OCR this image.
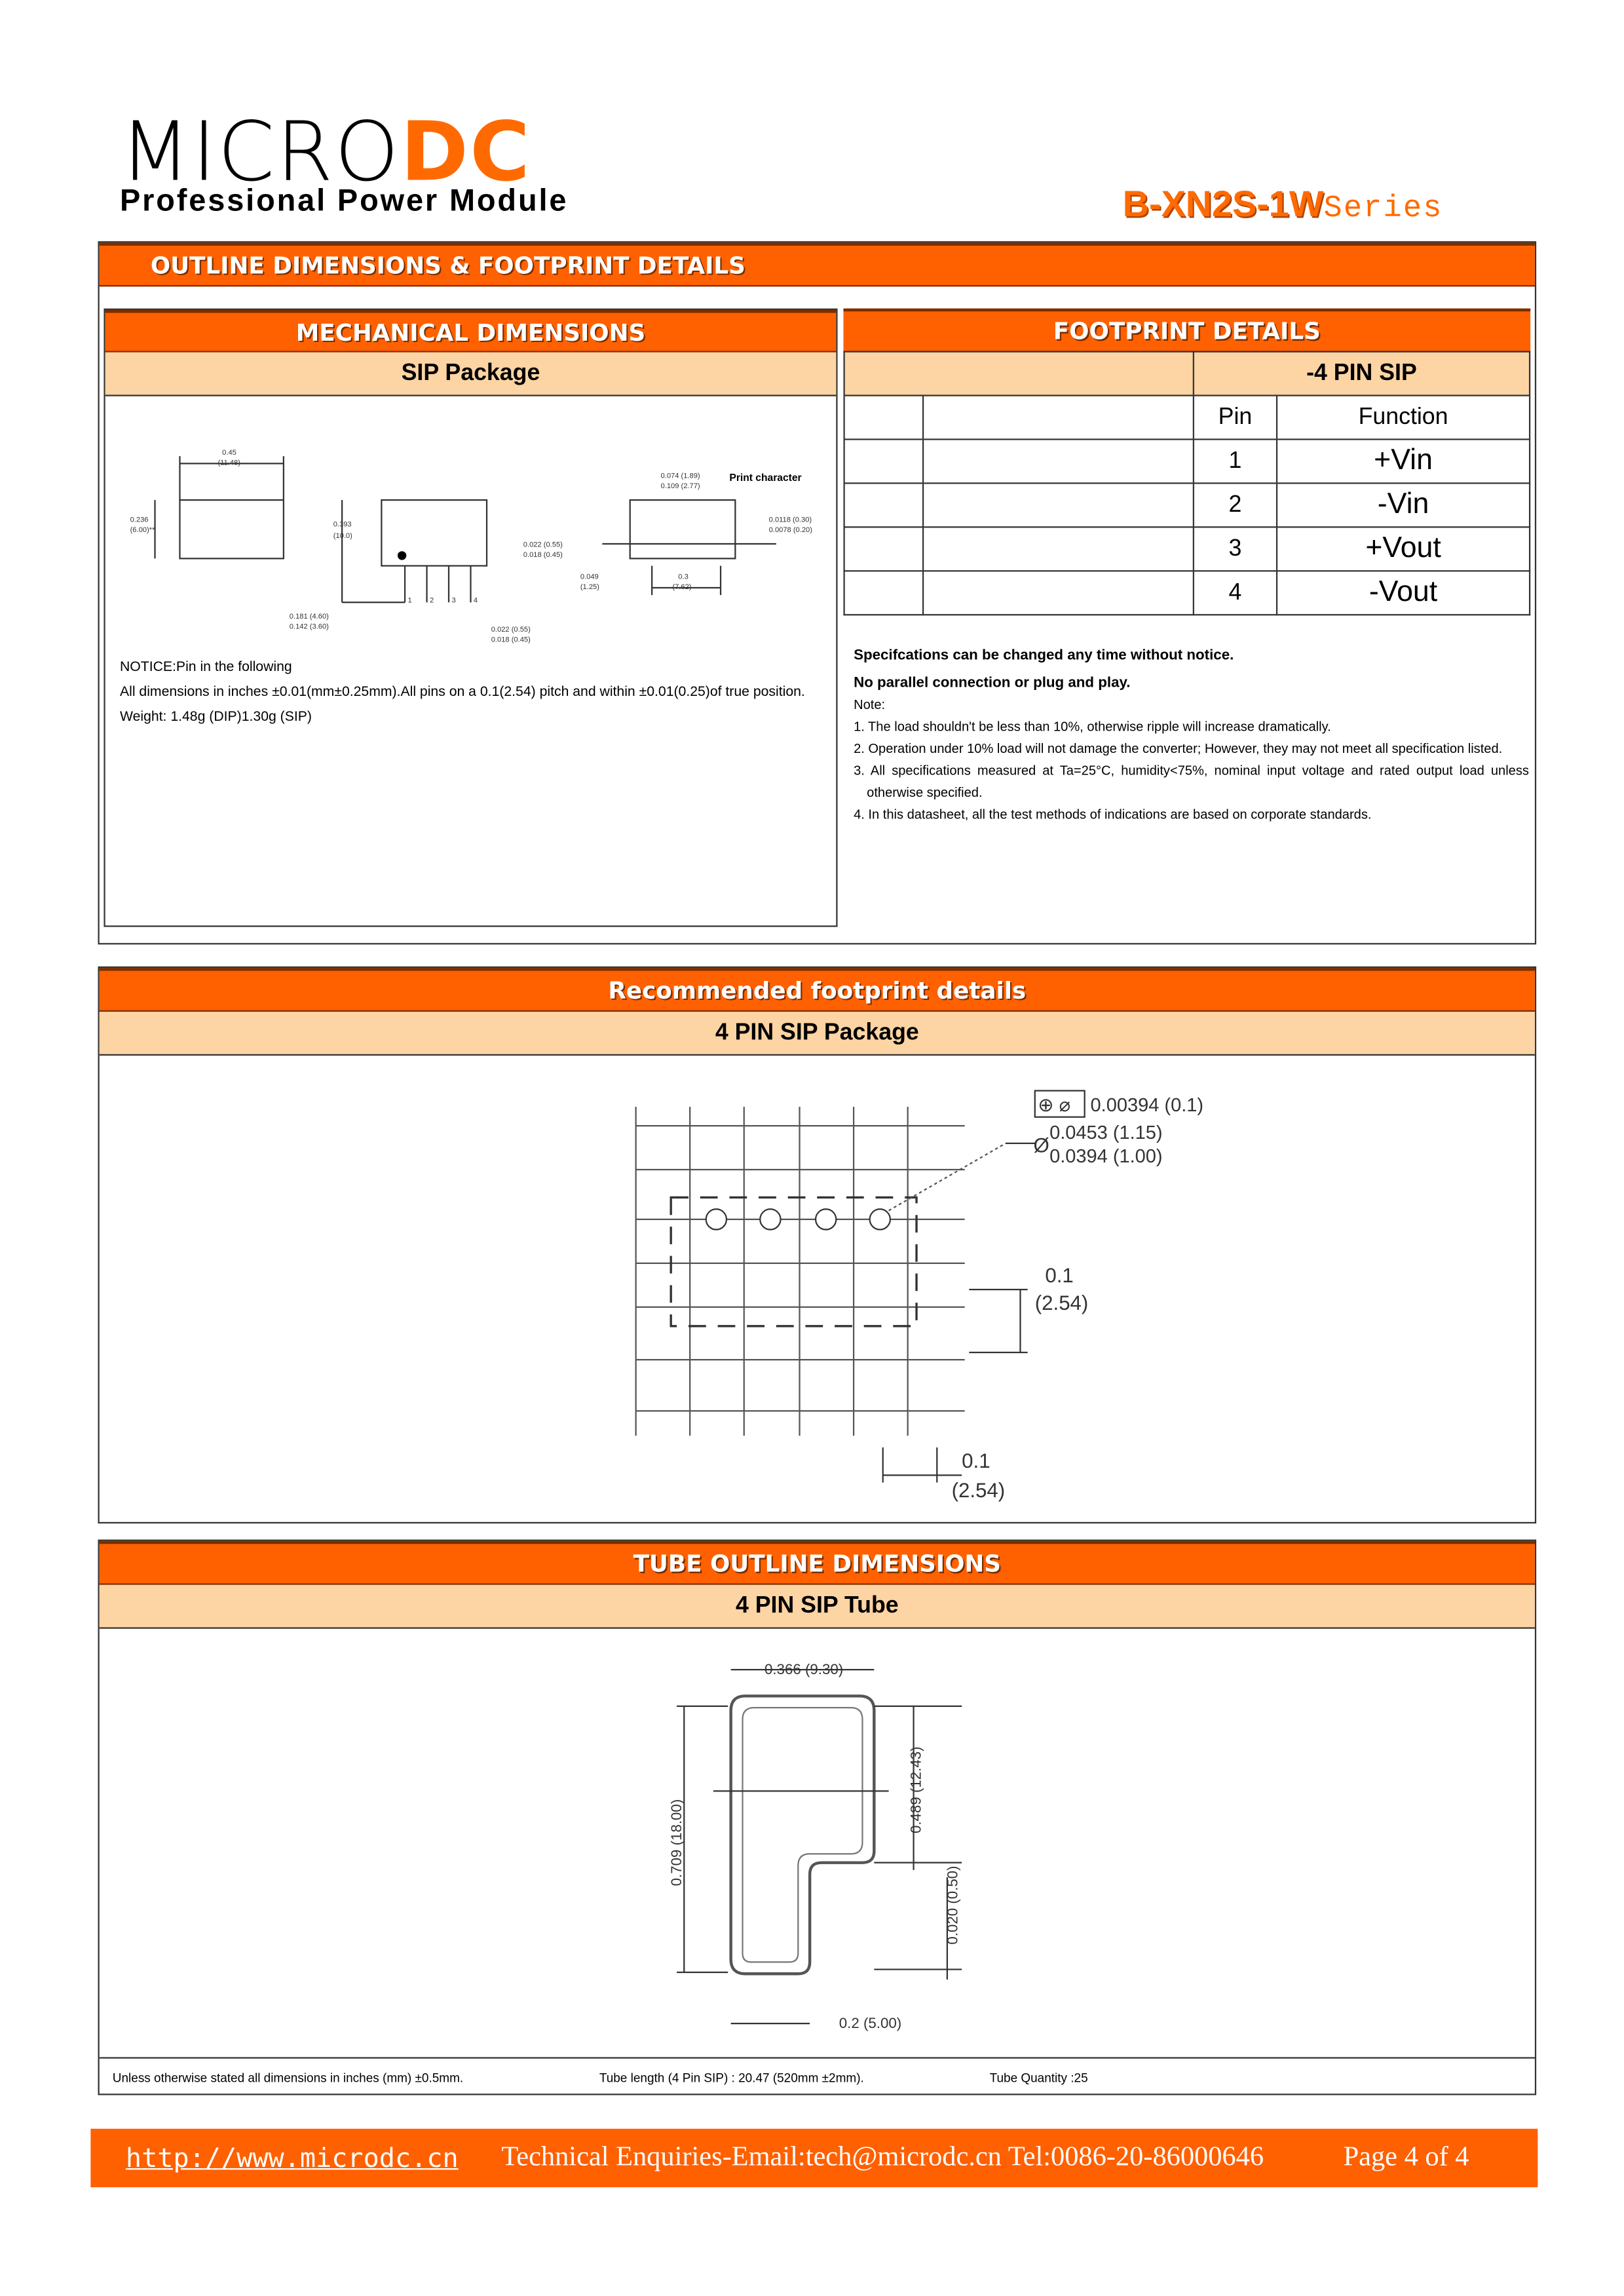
MICRODC
Professional Power Module	B-XN2S-1WSeries
OUTLINE DIMENSIONS & FOOTPRINT DETAILS
MECHANICAL DIMENSIONS
SIP Package
0.45
(11.48)
0.236
(6.00)**
0.393
(10.0)
0.181 (4.60)
0.142 (3.60)
0.022 (0.55)
0.018 (0.45)
0.022 (0.55)
0.018 (0.45)
1	2	3	4
0.074 (1.89)
0.109 (2.77)
0.0118 (0.30)
0.0078 (0.20)
0.049
(1.25)
0.3
(7.62)
Print character
NOTICE:Pin in the following
All dimensions in inches ±0.01(mm±0.25mm).All pins on a 0.1(2.54) pitch and within ±0.01(0.25)of true position.
Weight: 1.48g (DIP)1.30g (SIP)
FOOTPRINT DETAILS
		-4 PIN SIP	
		Pin	Function
		1	+Vin
		2	-Vin
		3	+Vout
		4	-Vout
Specifcations can be changed any time without notice.
No parallel connection or plug and play.
Note:
1. The load shouldn't be less than 10%, otherwise ripple will increase dramatically.
2. Operation under 10% load will not damage the converter; However, they may not meet all specification listed.
3. All specifications measured at Ta=25°C, humidity<75%, nominal input voltage and rated output load unless otherwise specified.
4. In this datasheet, all the test methods of indications are based on corporate standards.
Recommended footprint details
4 PIN SIP Package
⊕ ⌀ 0.00394 (0.1)
Ø
0.0453 (1.15)
0.0394 (1.00)
0.1
(2.54)
0.1
(2.54)
TUBE OUTLINE DIMENSIONS
4 PIN SIP Tube
0.366 (9.30)
0.709 (18.00)
0.489 (12.43)
0.020 (0.50)
0.2 (5.00)
Unless otherwise stated all dimensions in inches (mm) ±0.5mm.	Tube length (4 Pin SIP) : 20.47 (520mm ±2mm).	Tube Quantity :25
http://www.microdc.cn	Technical Enquiries-Email:tech@microdc.cn Tel:0086-20-86000646	Page 4 of 4
